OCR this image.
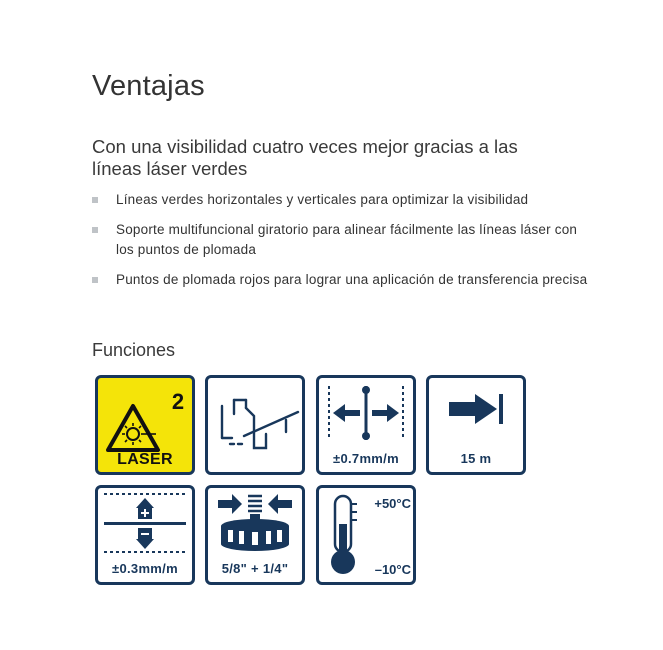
Ventajas
Con una visibilidad cuatro veces mejor gracias a las líneas láser verdes
Líneas verdes horizontales y verticales para optimizar la visibilidad
Soporte multifuncional giratorio para alinear fácilmente las líneas láser con los puntos de plomada
Puntos de plomada rojos para lograr una aplicación de transferencia precisa
Funciones
2
LASER	±0.7mm/m	15 m
±0.3mm/m	5/8" + 1/4"
+50°C
–10°C
